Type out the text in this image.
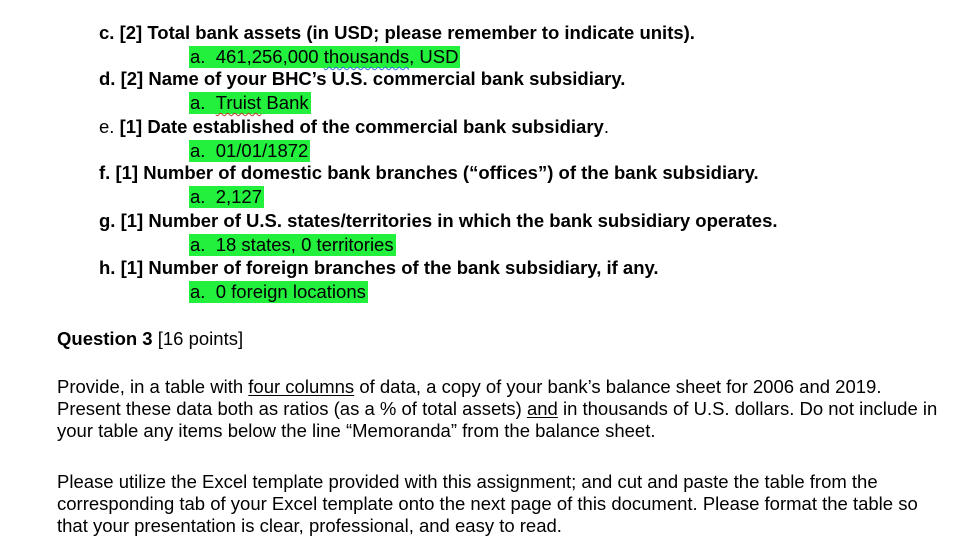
c. [2] Total bank assets (in USD; please remember to indicate units).
a. 461,256,000 thousands, USD
d. [2] Name of your BHC’s U.S. commercial bank subsidiary.
a. Truist Bank
e. [1] Date established of the commercial bank subsidiary.
a. 01/01/1872
f. [1] Number of domestic bank branches (“offices”) of the bank subsidiary.
a. 2,127
g. [1] Number of U.S. states/territories in which the bank subsidiary operates.
a. 18 states, 0 territories
h. [1] Number of foreign branches of the bank subsidiary, if any.
a. 0 foreign locations
Question 3 [16 points]
Provide, in a table with four columns of data, a copy of your bank’s balance sheet for 2006 and 2019. Present these data both as ratios (as a % of total assets) and in thousands of U.S. dollars. Do not include in your table any items below the line “Memoranda” from the balance sheet.
Please utilize the Excel template provided with this assignment; and cut and paste the table from the corresponding tab of your Excel template onto the next page of this document. Please format the table so that your presentation is clear, professional, and easy to read.
